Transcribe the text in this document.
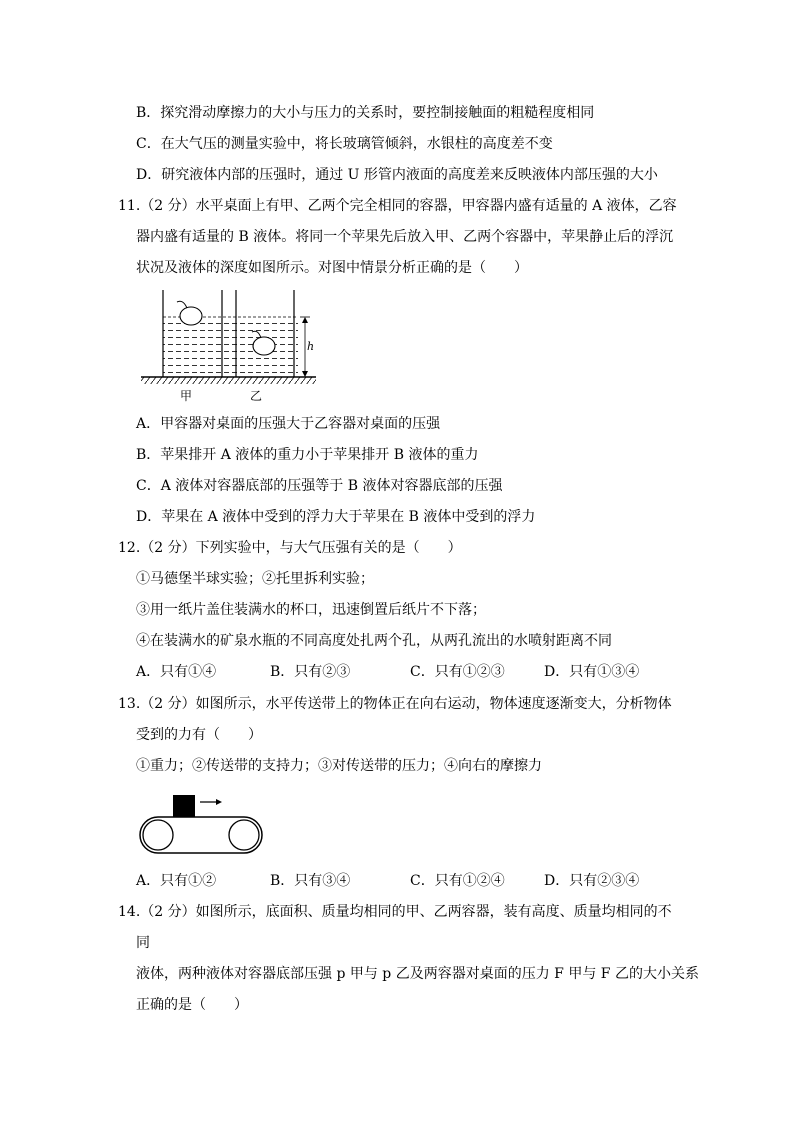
B．探究滑动摩擦力的大小与压力的关系时，要控制接触面的粗糙程度相同
C．在大气压的测量实验中，将长玻璃管倾斜，水银柱的高度差不变
D．研究液体内部的压强时，通过 U 形管内液面的高度差来反映液体内部压强的大小
11.（2 分）水平桌面上有甲、乙两个完全相同的容器，甲容器内盛有适量的 A 液体，乙容
器内盛有适量的 B 液体。将同一个苹果先后放入甲、乙两个容器中，苹果静止后的浮沉
状况及液体的深度如图所示。对图中情景分析正确的是（　　）
h
甲	乙
A．甲容器对桌面的压强大于乙容器对桌面的压强
B．苹果排开 A 液体的重力小于苹果排开 B 液体的重力
C．A 液体对容器底部的压强等于 B 液体对容器底部的压强
D．苹果在 A 液体中受到的浮力大于苹果在 B 液体中受到的浮力
12.（2 分）下列实验中，与大气压强有关的是（　　）
①马德堡半球实验；②托里拆利实验；
③用一纸片盖住装满水的杯口，迅速倒置后纸片不下落；
④在装满水的矿泉水瓶的不同高度处扎两个孔，从两孔流出的水喷射距离不同
A．只有①④	B．只有②③	C．只有①②③	D．只有①③④
13.（2 分）如图所示，水平传送带上的物体正在向右运动，物体速度逐渐变大，分析物体
受到的力有（　　）
①重力；②传送带的支持力；③对传送带的压力；④向右的摩擦力
A．只有①②	B．只有③④	C．只有①②④	D．只有②③④
14.（2 分）如图所示，底面积、质量均相同的甲、乙两容器，装有高度、质量均相同的不
同
液体，两种液体对容器底部压强 p 甲与 p 乙及两容器对桌面的压力 F 甲与 F 乙的大小关系
正确的是（　　）
